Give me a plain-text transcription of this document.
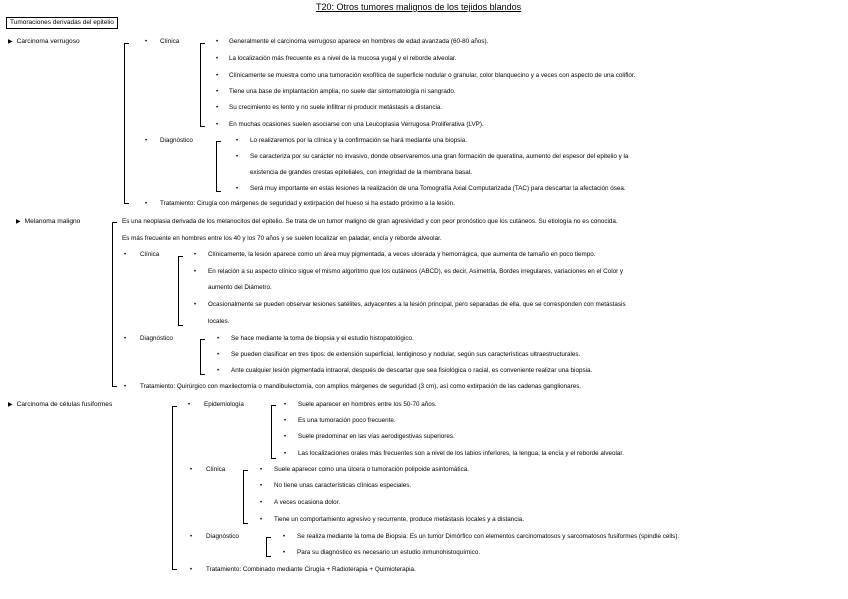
T20: Otros tumores malignos de los tejidos blandos
Tumoraciones derivadas del epitelio
▶ Carcinoma verrugoso	• Clínica	• Generalmente el carcinoma verrugoso aparece en hombres de edad avanzada (60-80 años).
• La localización más frecuente es a nivel de la mucosa yugal y el reborde alveolar.
• Clínicamente se muestra como una tumoración exofítica de superficie nodular o granular, color blanquecino y a veces con aspecto de una coliflor.
• Tiene una base de implantación amplia, no suele dar sintomatología ni sangrado.
• Su crecimiento es lento y no suele infiltrar ni producir metástasis a distancia.
• En muchas ocasiones suelen asociarse con una Leucoplasia Verrugosa Proliferativa (LVP).
• Diagnóstico	• Lo realizaremos por la clínica y la confirmación se hará mediante una biopsia.
• Se caracteriza por su carácter no invasivo, donde observaremos una gran formación de queratina, aumento del espesor del epitelio y la
existencia de grandes crestas epiteliales, con integridad de la membrana basal.
• Será muy importante en estas lesiones la realización de una Tomografía Axial Computarizada (TAC) para descartar la afectación ósea.
• Tratamiento: Cirugía con márgenes de seguridad y extirpación del hueso si ha estado próximo a la lesión.
▶ Melanoma maligno	Es una neoplasia derivada de los melanocitos del epitelio. Se trata de un tumor maligno de gran agresividad y con peor pronóstico que los cutáneos. Su etiología no es conocida.
Es más frecuente en hombres entre los 40 y los 70 años y se suelen localizar en paladar, encía y reborde alveolar.
• Clínica	• Clínicamente, la lesión aparece como un área muy pigmentada, a veces ulcerada y hemorrágica, que aumenta de tamaño en poco tiempo.
• En relación a su aspecto clínico sigue el mismo algoritmo que los cutáneos (ABCD), es decir, Asimetría, Bordes irregulares, variaciones en el Color y
aumento del Diámetro.
• Ocasionalmente se pueden observar lesiones satélites, adyacentes a la lesión principal, pero separadas de ella, que se corresponden con metástasis
locales.
• Diagnóstico	• Se hace mediante la toma de biopsia y el estudio histopatológico.
• Se pueden clasificar en tres tipos: de extensión superficial, lentiginoso y nodular, según sus características ultraestructurales.
• Ante cualquier lesión pigmentada intraoral, después de descartar que sea fisiológica o racial, es conveniente realizar una biopsia.
• Tratamiento: Quirúrgico con maxilectomía o mandibulectomía, con amplios márgenes de seguridad (3 cm), así como extirpación de las cadenas ganglionares.
▶ Carcinoma de células fusiformes	• Epidemiología	• Suele aparecer en hombres entre los 50-70 años.
• Es una tumoración poco frecuente.
• Suele predominar en las vías aerodigestivas superiores.
• Las localizaciones orales más frecuentes son a nivel de los labios inferiores, la lengua, la encía y el reborde alveolar.
• Clínica	• Suele aparecer como una úlcera o tumoración polipoide asintomática.
• No tiene unas características clínicas especiales.
• A veces ocasiona dolor.
• Tiene un comportamiento agresivo y recurrente, produce metástasis locales y a distancia.
• Diagnóstico	• Se realiza mediante la toma de Biopsia: Es un tumor Dimórfico con elementos carcinomatosos y sarcomatosos fusiformes (spindle cells).
• Para su diagnóstico es necesario un estudio inmunohistoquímico.
• Tratamiento: Combinado mediante Cirugía + Radioterapia + Quimioterapia.
